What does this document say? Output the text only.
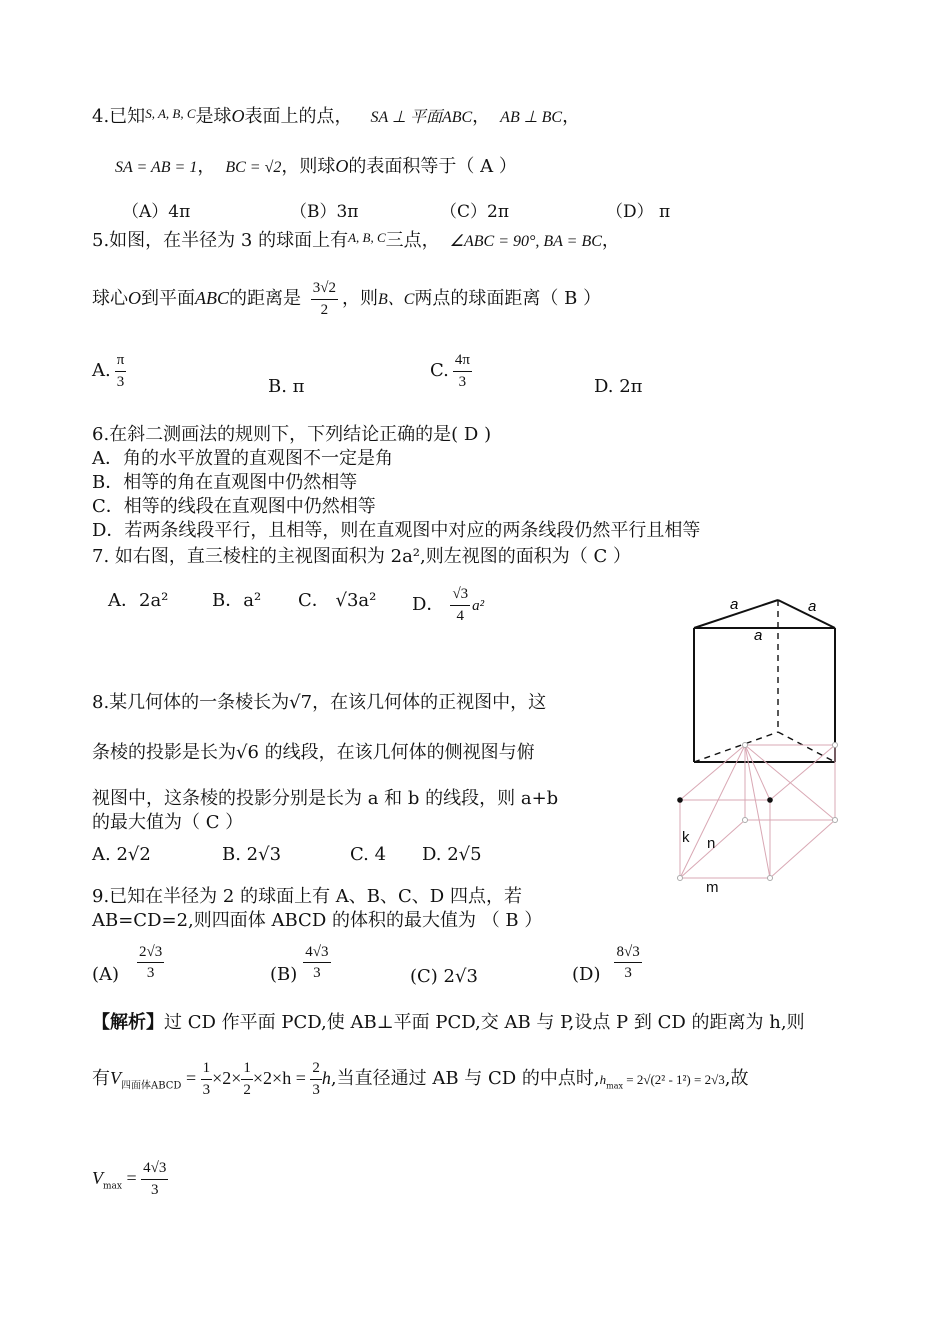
4.已知$^{S, A, B, C}$是球O表面上的点， SA ⊥ 平面ABC， AB ⊥ BC，
SA = AB = 1， BC = √2，则球O的表面积等于（ A ）
（A）4π	（B）3π	（C）2π	（D） π
5.如图，在半径为 3 的球面上有$^{A, B, C}$三点， ∠ABC = 90°, BA = BC，
球心O到平面ABC的距离是 $\frac{3√2}{2}$ ，则B、C两点的球面距离（ B ）
A. $\frac{\pi}{3}$	B. π
C. $\frac{4\pi}{3}$	D. 2π
6.在斜二测画法的规则下，下列结论正确的是( D )
A．角的水平放置的直观图不一定是角
B．相等的角在直观图中仍然相等
C．相等的线段在直观图中仍然相等
D．若两条线段平行，且相等，则在直观图中对应的两条线段仍然平行且相等
7. 如右图，直三棱柱的主视图面积为 2a²,则左视图的面积为（ C ）
A．2a² B．a² C． √3a² D． $\frac{√3}{4} a^2$	a	a
a
8.某几何体的一条棱长为√7，在该几何体的正视图中，这
条棱的投影是长为√6 的线段，在该几何体的侧视图与俯
视图中，这条棱的投影分别是长为 a 和 b 的线段，则 a+b
的最大值为（ C ）
A. 2√2	B. 2√3	C. 4 D. 2√5
k n
m
9.已知在半径为 2 的球面上有 A、B、C、D 四点，若
AB=CD=2,则四面体 ABCD 的体积的最大值为 （ B ）
$(A) \frac{2√3}{3}$	$(B) \frac{4√3}{3}$	(C) 2√3	$(D) \frac{8√3}{3}$
【解析】过 CD 作平面 PCD,使 AB⊥平面 PCD,交 AB 与 P,设点 P 到 CD 的距离为 h,则
有$V_{四面体ABCD} = \frac{1}{3} \times 2\times \frac{1}{2} \times 2\times h = \frac{2}{3} h$,当直径通过 AB 与 CD 的中点时$,h_{max} = 2√(2^2 - 1^2) = 2√3$,故
$V_{max} = \frac{4√3}{3}$
